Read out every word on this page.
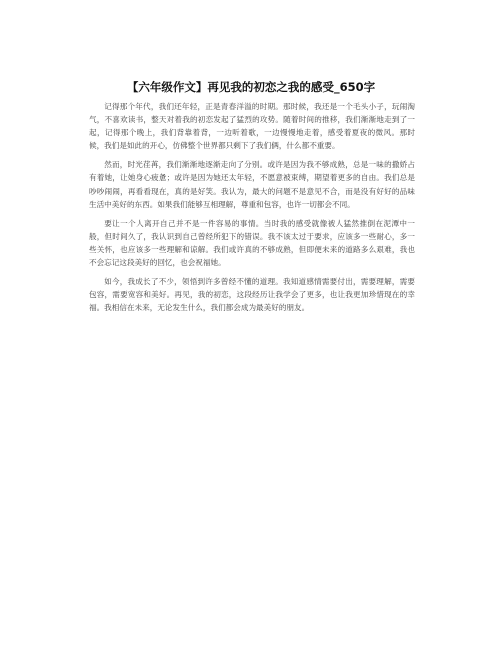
【六年级作文】再见我的初恋之我的感受_650字

记得那个年代，我们还年轻，正是青春洋溢的时期。那时候，我还是一个毛头小子，玩闹淘气，不喜欢读书，整天对着我的初恋发起了猛烈的攻势。随着时间的推移，我们渐渐地走到了一起，记得那个晚上，我们背靠着背，一边听着歌，一边慢慢地走着，感受着夏夜的微风。那时候，我们是如此的开心，仿佛整个世界都只剩下了我们俩，什么都不重要。

然而，时光荏苒，我们渐渐地逐渐走向了分别。或许是因为我不够成熟，总是一味的撒娇占有着她，让她身心疲惫；或许是因为她还太年轻，不愿意被束缚，期望着更多的自由。我们总是吵吵闹闹，再看看现在，真的是好笑。我认为，最大的问题不是意见不合，而是没有好好的品味生活中美好的东西。如果我们能够互相理解，尊重和包容，也许一切都会不同。

要让一个人离开自己并不是一件容易的事情。当时我的感受就像被人猛然推倒在泥潭中一般，但时间久了，我认识到自己曾经所犯下的错误。我不该太过于要求，应该多一些耐心，多一些关怀，也应该多一些理解和谅解。我们或许真的不够成熟，但即便未来的道路多么艰难，我也不会忘记这段美好的回忆，也会祝福她。

如今，我成长了不少，领悟到许多曾经不懂的道理。我知道感情需要付出，需要理解，需要包容，需要宽容和美好。再见，我的初恋，这段经历让我学会了更多，也让我更加珍惜现在的幸福。我相信在未来，无论发生什么，我们都会成为最美好的朋友。
